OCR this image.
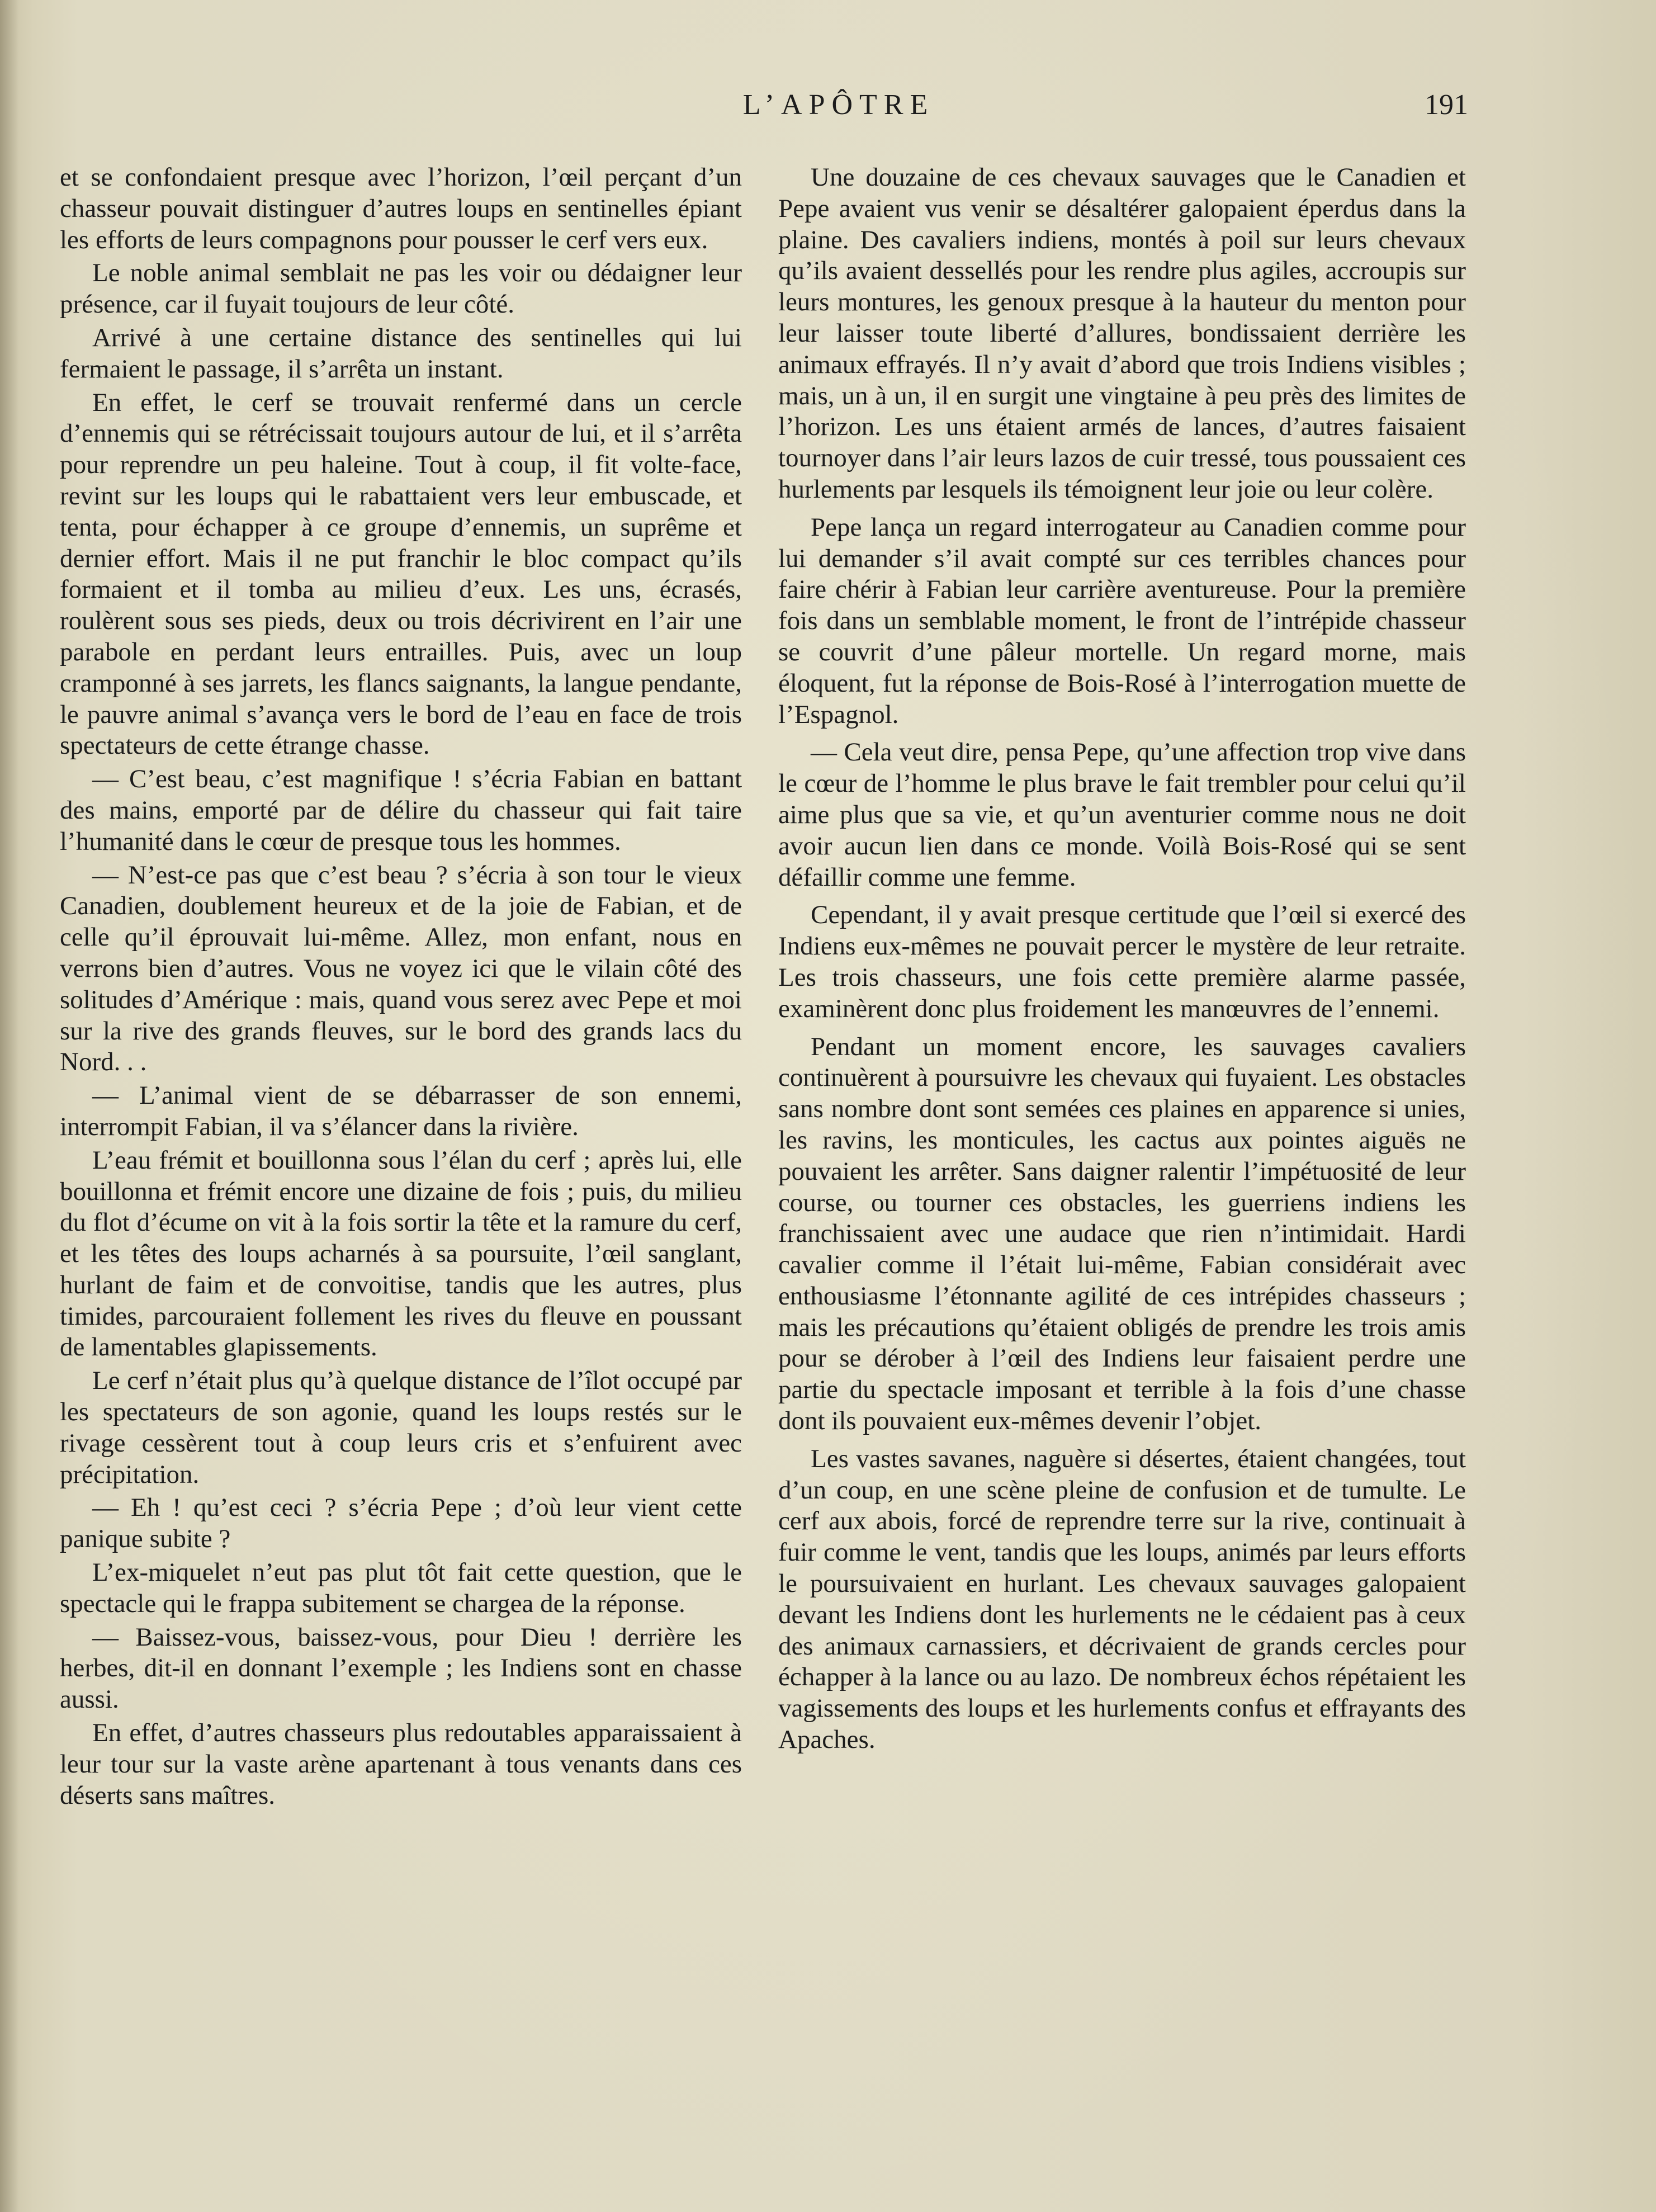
L’APÔTRE	191

et se confondaient presque avec l’horizon, l’œil perçant d’un chasseur pouvait distinguer d’autres loups en sentinelles épiant les efforts de leurs compagnons pour pousser le cerf vers eux.

Le noble animal semblait ne pas les voir ou dédaigner leur présence, car il fuyait toujours de leur côté.

Arrivé à une certaine distance des sentinelles qui lui fermaient le passage, il s’arrêta un instant.

En effet, le cerf se trouvait renfermé dans un cercle d’ennemis qui se rétrécissait toujours autour de lui, et il s’arrêta pour reprendre un peu haleine. Tout à coup, il fit volte-face, revint sur les loups qui le rabattaient vers leur embuscade, et tenta, pour échapper à ce groupe d’ennemis, un suprême et dernier effort. Mais il ne put franchir le bloc compact qu’ils formaient et il tomba au milieu d’eux. Les uns, écrasés, roulèrent sous ses pieds, deux ou trois décrivirent en l’air une parabole en perdant leurs entrailles. Puis, avec un loup cramponné à ses jarrets, les flancs saignants, la langue pendante, le pauvre animal s’avança vers le bord de l’eau en face de trois spectateurs de cette étrange chasse.

— C’est beau, c’est magnifique ! s’écria Fabian en battant des mains, emporté par de délire du chasseur qui fait taire l’humanité dans le cœur de presque tous les hommes.

— N’est-ce pas que c’est beau ? s’écria à son tour le vieux Canadien, doublement heureux et de la joie de Fabian, et de celle qu’il éprouvait lui-même. Allez, mon enfant, nous en verrons bien d’autres. Vous ne voyez ici que le vilain côté des solitudes d’Amérique : mais, quand vous serez avec Pepe et moi sur la rive des grands fleuves, sur le bord des grands lacs du Nord. . .

— L’animal vient de se débarrasser de son ennemi, interrompit Fabian, il va s’élancer dans la rivière.

L’eau frémit et bouillonna sous l’élan du cerf ; après lui, elle bouillonna et frémit encore une dizaine de fois ; puis, du milieu du flot d’écume on vit à la fois sortir la tête et la ramure du cerf, et les têtes des loups acharnés à sa poursuite, l’œil sanglant, hurlant de faim et de convoitise, tandis que les autres, plus timides, parcouraient follement les rives du fleuve en poussant de lamentables glapissements.

Le cerf n’était plus qu’à quelque distance de l’îlot occupé par les spectateurs de son agonie, quand les loups restés sur le rivage cessèrent tout à coup leurs cris et s’enfuirent avec précipitation.

— Eh ! qu’est ceci ? s’écria Pepe ; d’où leur vient cette panique subite ?

L’ex-miquelet n’eut pas plut tôt fait cette question, que le spectacle qui le frappa subitement se chargea de la réponse.

— Baissez-vous, baissez-vous, pour Dieu ! derrière les herbes, dit-il en donnant l’exemple ; les Indiens sont en chasse aussi.

En effet, d’autres chasseurs plus redoutables apparaissaient à leur tour sur la vaste arène apartenant à tous venants dans ces déserts sans maîtres.

Une douzaine de ces chevaux sauvages que le Canadien et Pepe avaient vus venir se désaltérer galopaient éperdus dans la plaine. Des cavaliers indiens, montés à poil sur leurs chevaux qu’ils avaient dessellés pour les rendre plus agiles, accroupis sur leurs montures, les genoux presque à la hauteur du menton pour leur laisser toute liberté d’allures, bondissaient derrière les animaux effrayés. Il n’y avait d’abord que trois Indiens visibles ; mais, un à un, il en surgit une vingtaine à peu près des limites de l’horizon. Les uns étaient armés de lances, d’autres faisaient tournoyer dans l’air leurs lazos de cuir tressé, tous poussaient ces hurlements par lesquels ils témoignent leur joie ou leur colère.

Pepe lança un regard interrogateur au Canadien comme pour lui demander s’il avait compté sur ces terribles chances pour faire chérir à Fabian leur carrière aventureuse. Pour la première fois dans un semblable moment, le front de l’intrépide chasseur se couvrit d’une pâleur mortelle. Un regard morne, mais éloquent, fut la réponse de Bois-Rosé à l’interrogation muette de l’Espagnol.

— Cela veut dire, pensa Pepe, qu’une affection trop vive dans le cœur de l’homme le plus brave le fait trembler pour celui qu’il aime plus que sa vie, et qu’un aventurier comme nous ne doit avoir aucun lien dans ce monde. Voilà Bois-Rosé qui se sent défaillir comme une femme.

Cependant, il y avait presque certitude que l’œil si exercé des Indiens eux-mêmes ne pouvait percer le mystère de leur retraite. Les trois chasseurs, une fois cette première alarme passée, examinèrent donc plus froidement les manœuvres de l’ennemi.

Pendant un moment encore, les sauvages cavaliers continuèrent à poursuivre les chevaux qui fuyaient. Les obstacles sans nombre dont sont semées ces plaines en apparence si unies, les ravins, les monticules, les cactus aux pointes aiguës ne pouvaient les arrêter. Sans daigner ralentir l’impétuosité de leur course, ou tourner ces obstacles, les guerriens indiens les franchissaient avec une audace que rien n’intimidait. Hardi cavalier comme il l’était lui-même, Fabian considérait avec enthousiasme l’étonnante agilité de ces intrépides chasseurs ; mais les précautions qu’étaient obligés de prendre les trois amis pour se dérober à l’œil des Indiens leur faisaient perdre une partie du spectacle imposant et terrible à la fois d’une chasse dont ils pouvaient eux-mêmes devenir l’objet.

Les vastes savanes, naguère si désertes, étaient changées, tout d’un coup, en une scène pleine de confusion et de tumulte. Le cerf aux abois, forcé de reprendre terre sur la rive, continuait à fuir comme le vent, tandis que les loups, animés par leurs efforts le poursuivaient en hurlant. Les chevaux sauvages galopaient devant les Indiens dont les hurlements ne le cédaient pas à ceux des animaux carnassiers, et décrivaient de grands cercles pour échapper à la lance ou au lazo. De nombreux échos répétaient les vagissements des loups et les hurlements confus et effrayants des Apaches.
